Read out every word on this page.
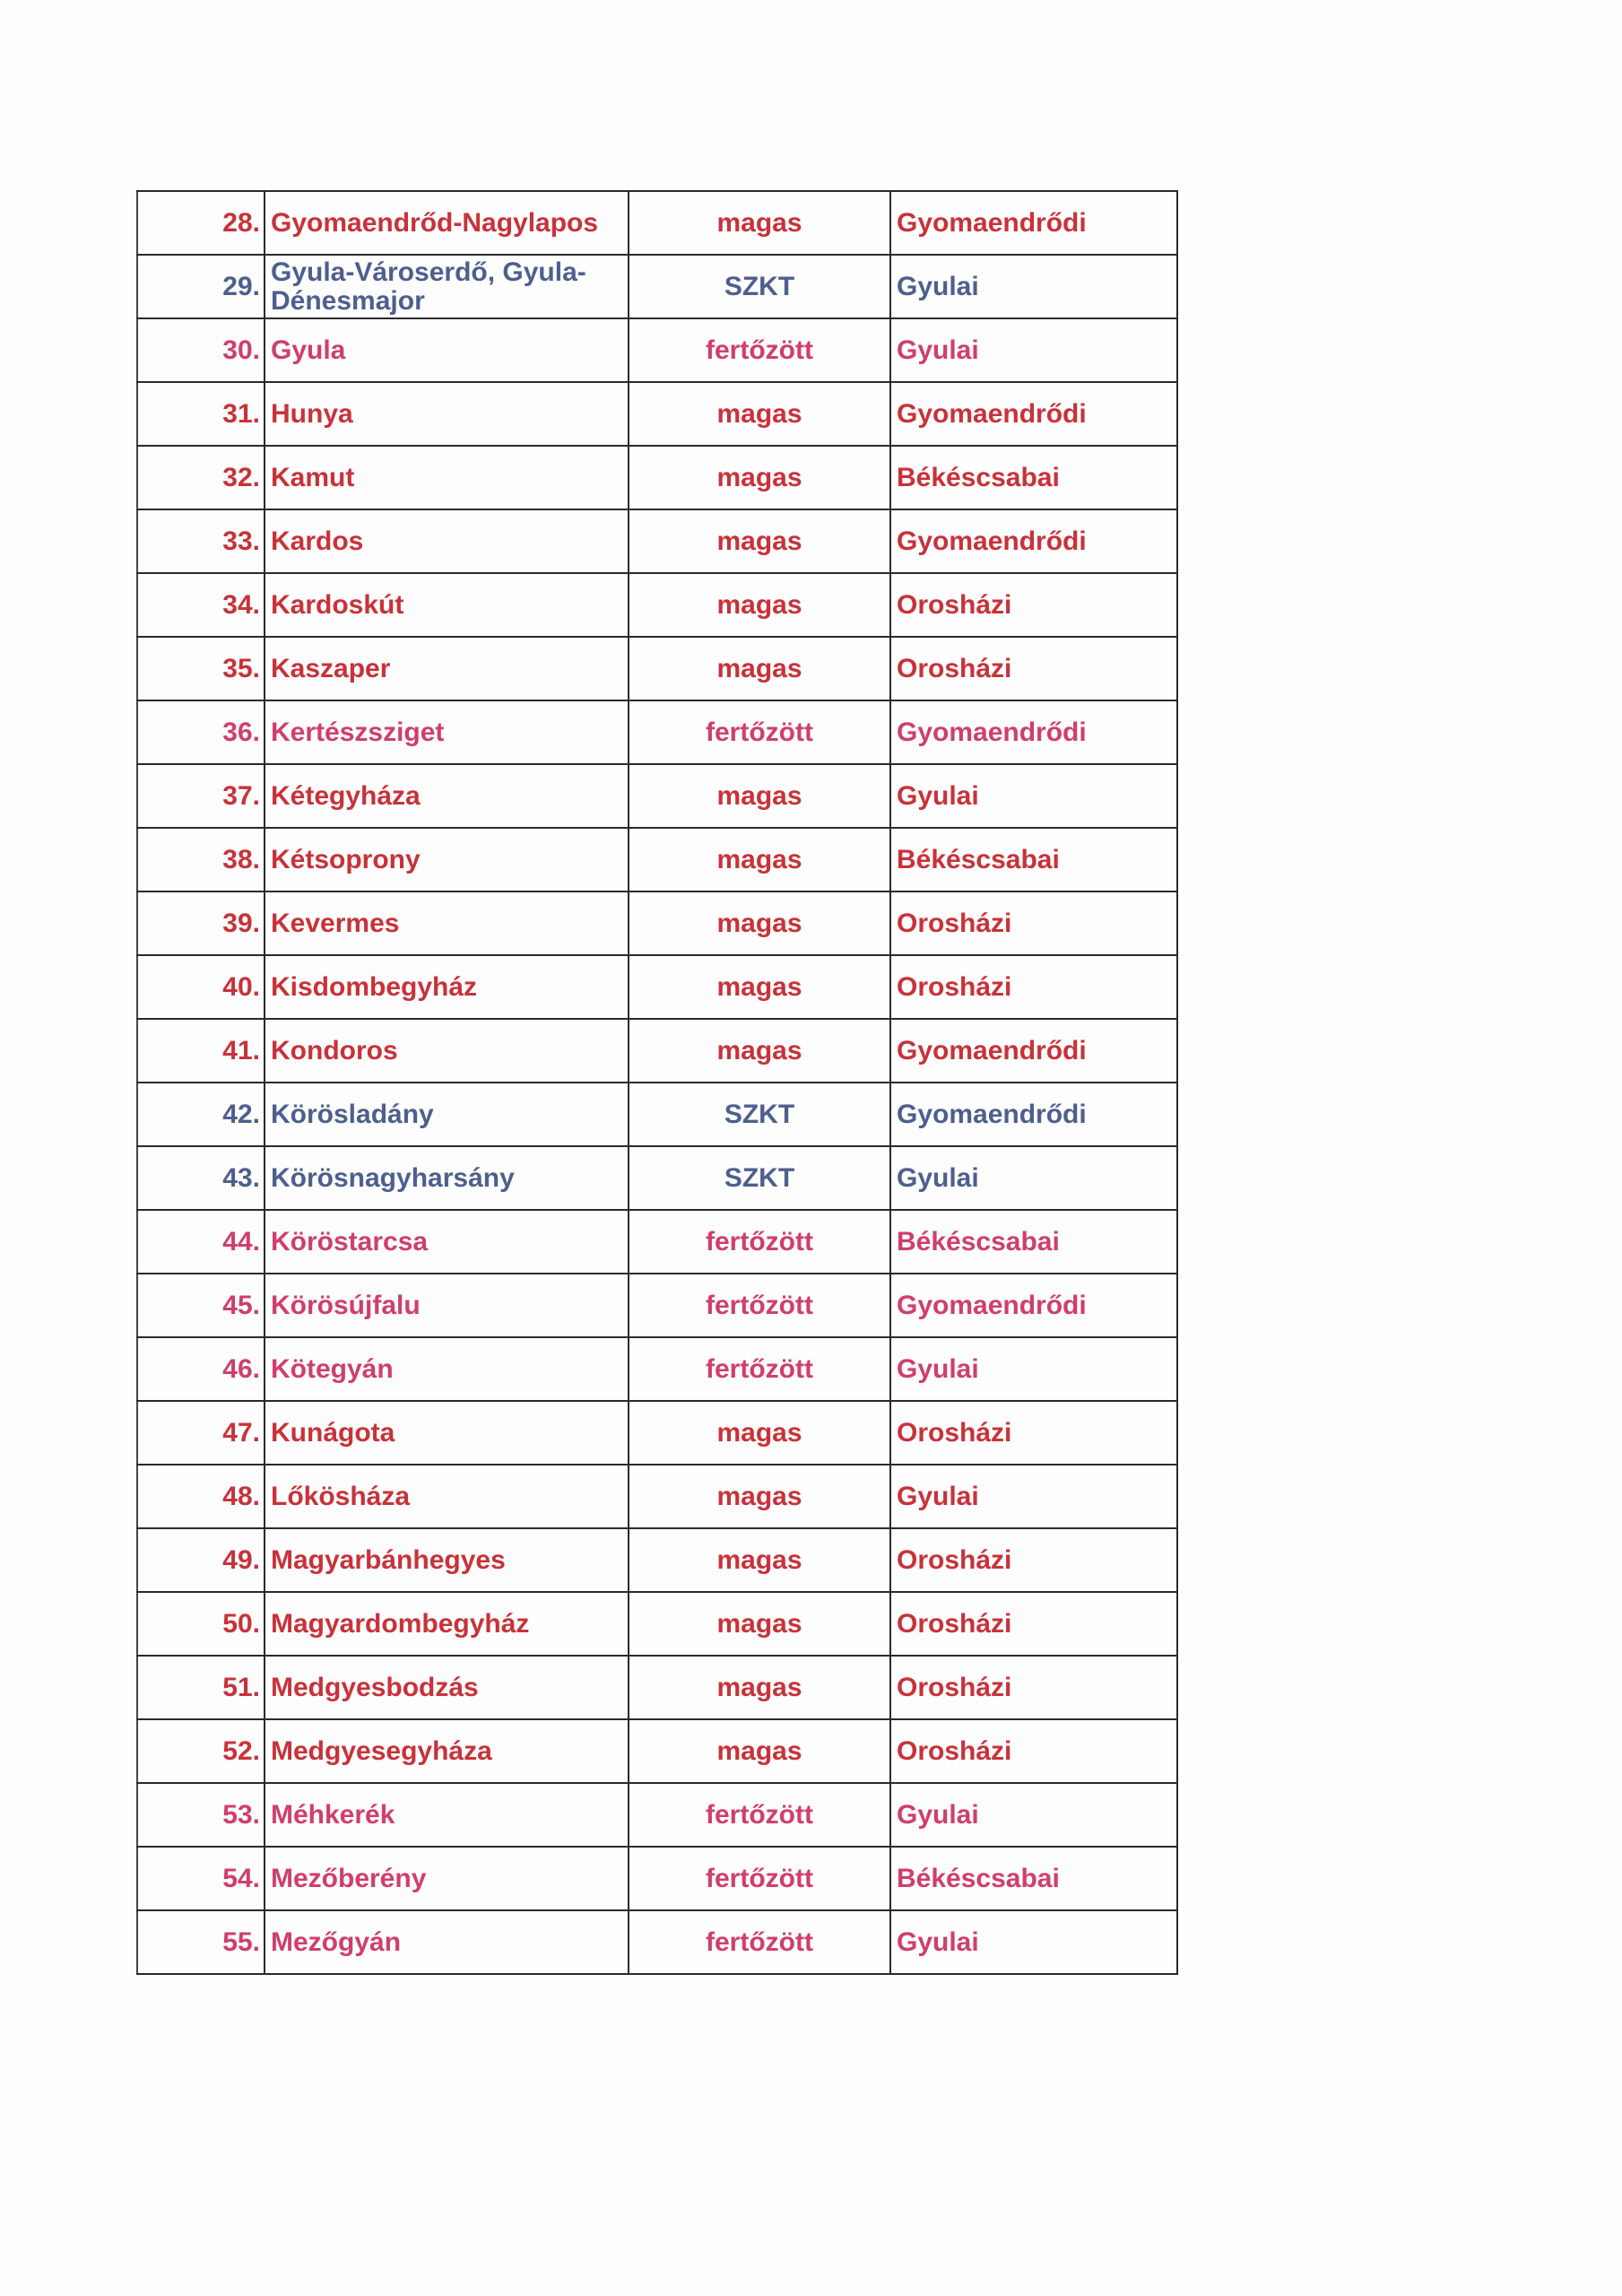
28.	Gyomaendrőd-Nagylapos	magas	Gyomaendrődi
29.	Gyula-Városerdő, Gyula-Dénesmajor	SZKT	Gyulai
30.	Gyula	fertőzött	Gyulai
31.	Hunya	magas	Gyomaendrődi
32.	Kamut	magas	Békéscsabai
33.	Kardos	magas	Gyomaendrődi
34.	Kardoskút	magas	Orosházi
35.	Kaszaper	magas	Orosházi
36.	Kertészsziget	fertőzött	Gyomaendrődi
37.	Kétegyháza	magas	Gyulai
38.	Kétsoprony	magas	Békéscsabai
39.	Kevermes	magas	Orosházi
40.	Kisdombegyház	magas	Orosházi
41.	Kondoros	magas	Gyomaendrődi
42.	Körösladány	SZKT	Gyomaendrődi
43.	Körösnagyharsány	SZKT	Gyulai
44.	Köröstarcsa	fertőzött	Békéscsabai
45.	Körösújfalu	fertőzött	Gyomaendrődi
46.	Kötegyán	fertőzött	Gyulai
47.	Kunágota	magas	Orosházi
48.	Lőkösháza	magas	Gyulai
49.	Magyarbánhegyes	magas	Orosházi
50.	Magyardombegyház	magas	Orosházi
51.	Medgyesbodzás	magas	Orosházi
52.	Medgyesegyháza	magas	Orosházi
53.	Méhkerék	fertőzött	Gyulai
54.	Mezőberény	fertőzött	Békéscsabai
55.	Mezőgyán	fertőzött	Gyulai
